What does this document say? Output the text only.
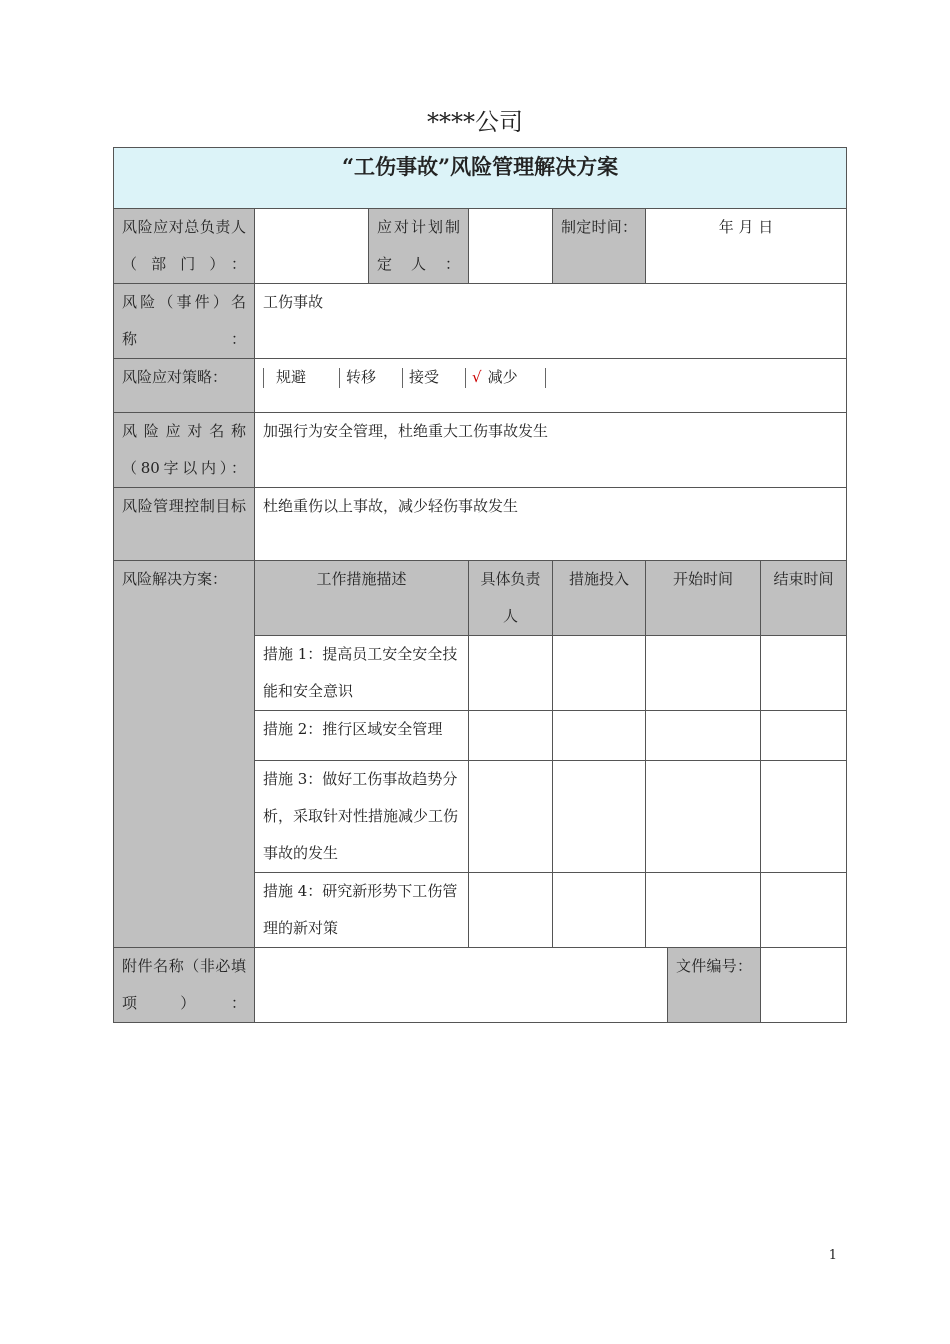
****公司
“工伤事故”风险管理解决方案							
风险应对总负责人（部门）：		应对计划制定人：		制定时间：	年 月 日		
风险（事件）名称：	工伤事故						
风险应对策略：	规避 转移 接受 √ 减少						

风险应对名称（80字以内）：	加强行为安全管理，杜绝重大工伤事故发生						
风险管理控制目标	杜绝重伤以上事故，减少轻伤事故发生						
风险解决方案：	工作措施描述		具体负责人	措施投入	开始时间		结束时间
	措施 1：提高员工安全安全技能和安全意识						
	措施 2：推行区域安全管理						
	措施 3：做好工伤事故趋势分析，采取针对性措施减少工伤事故的发生						
	措施 4：研究新形势下工伤管理的新对策						
附件名称（非必填项）：						文件编号：	
1
